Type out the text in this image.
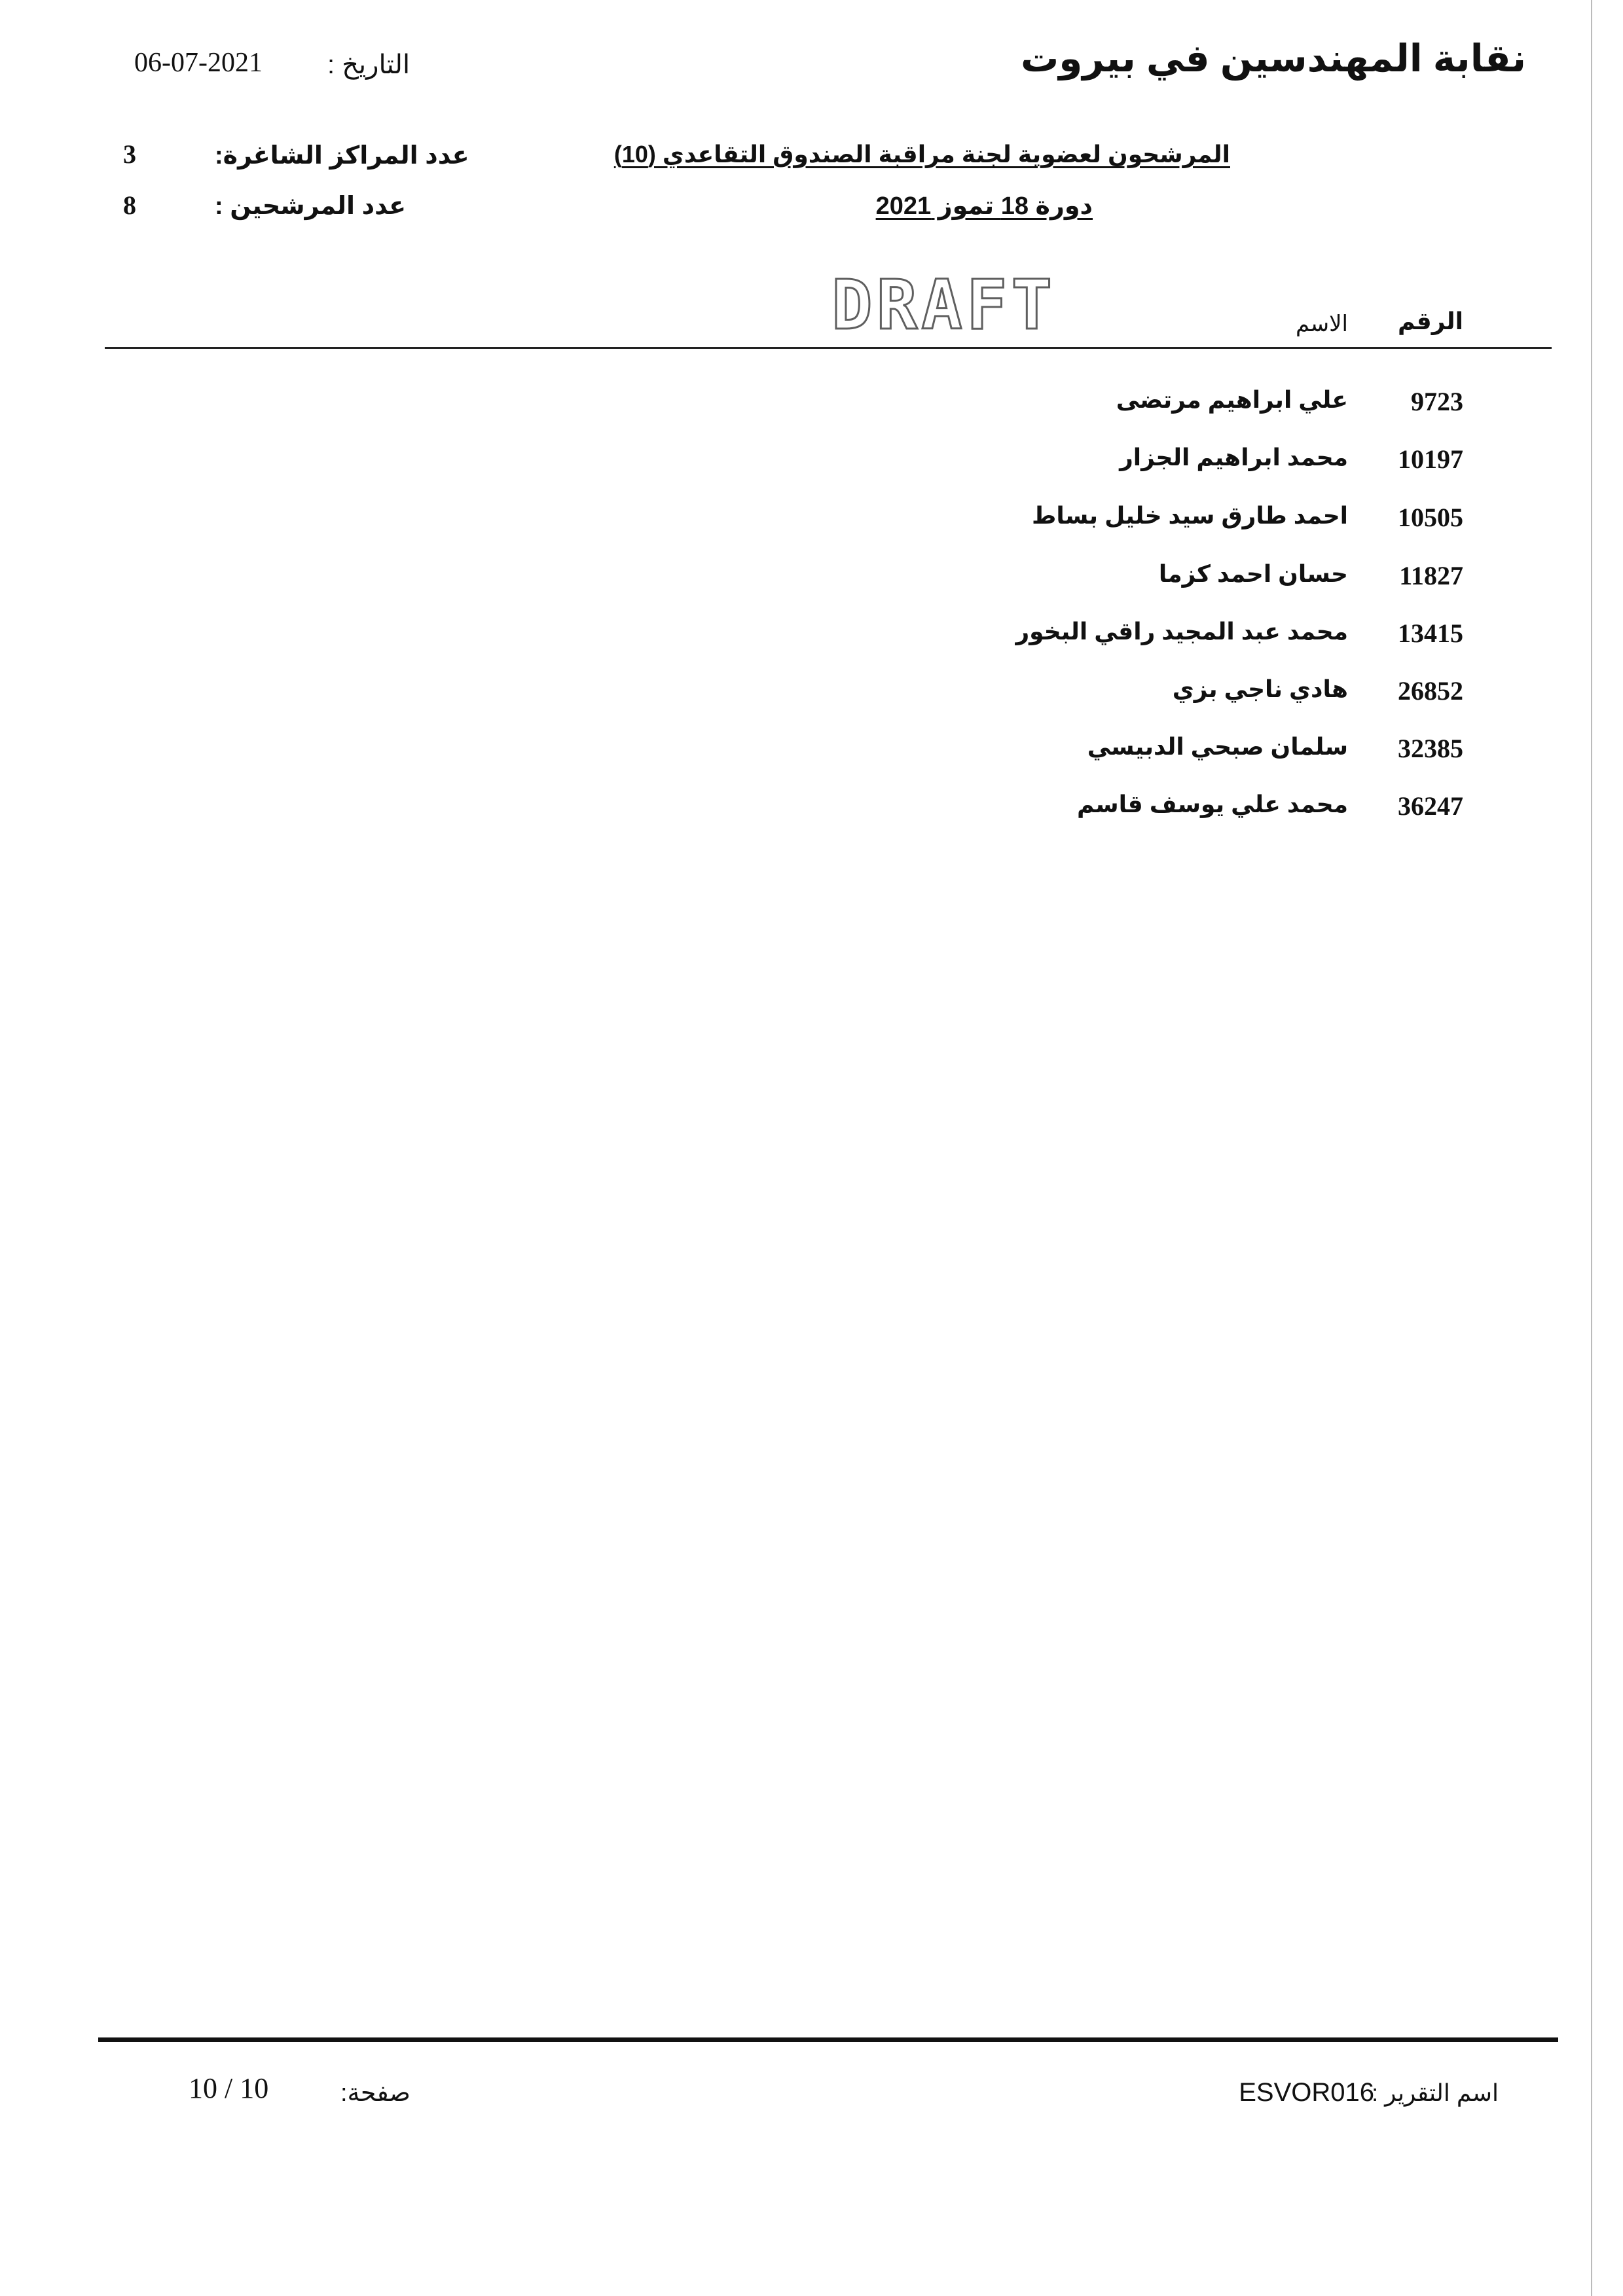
نقابة المهندسين في بيروت
التاريخ :
06-07-2021
المرشحون لعضوية لجنة مراقبة الصندوق التقاعدي (10)
دورة 18 تموز 2021
عدد المراكز الشاغرة:
3
عدد المرشحين :
8
DRAFT	الرقم
الاسم
9723
علي ابراهيم مرتضى
10197
محمد ابراهيم الجزار
10505
احمد طارق سيد خليل بساط
11827
حسان احمد كزما
13415
محمد عبد المجيد راقي البخور
26852
هادي ناجي بزي
32385
سلمان صبحي الدبيسي
36247
محمد علي يوسف قاسم
اسم التقرير :
ESVOR016
صفحة:
10 / 10
